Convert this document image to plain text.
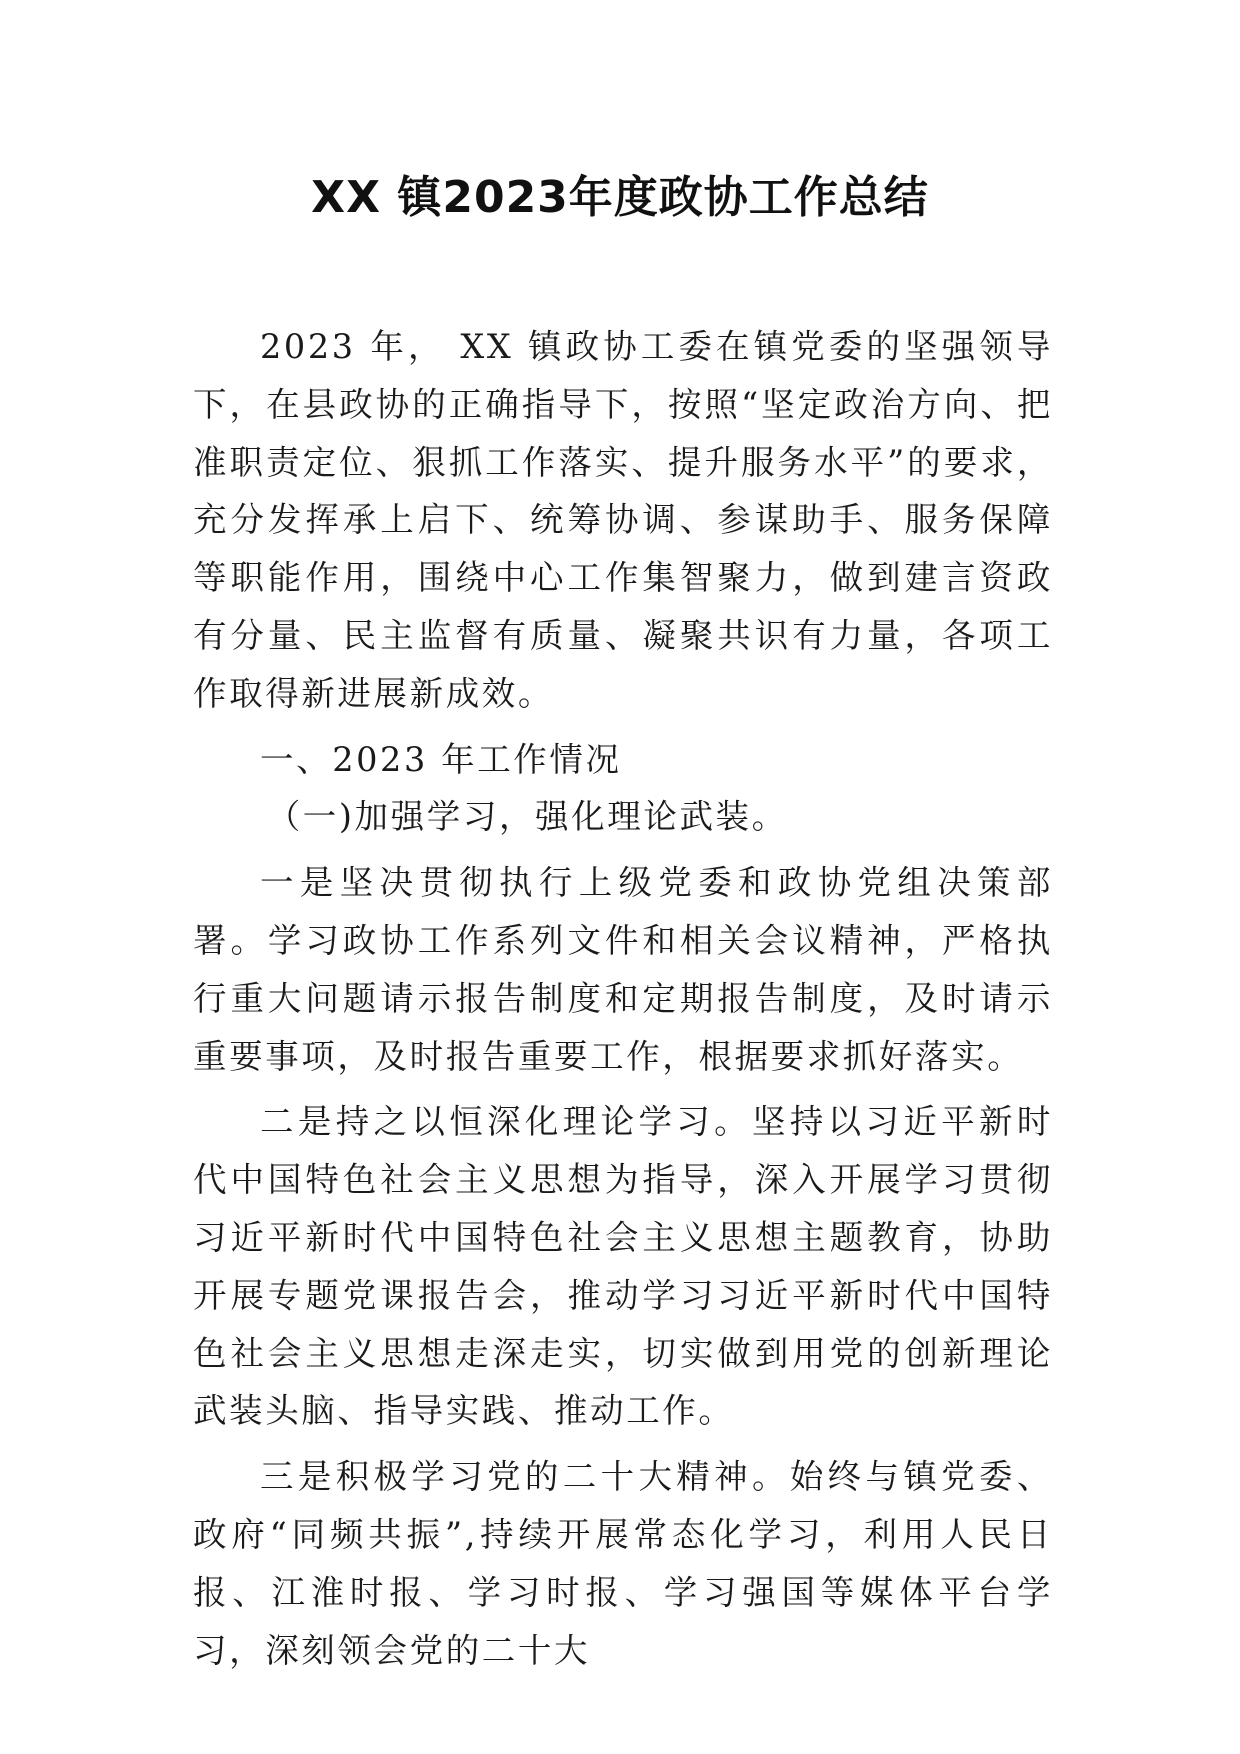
XX 镇2023年度政协工作总结

2023 年， XX 镇政协工委在镇党委的坚强领导下，在县政协的正确指导下，按照“坚定政治方向、把准职责定位、狠抓工作落实、提升服务水平”的要求，充分发挥承上启下、统筹协调、参谋助手、服务保障等职能作用，围绕中心工作集智聚力，做到建言资政有分量、民主监督有质量、凝聚共识有力量，各项工作取得新进展新成效。

一、2023 年工作情况

（一)加强学习，强化理论武装。

一是坚决贯彻执行上级党委和政协党组决策部署。学习政协工作系列文件和相关会议精神，严格执行重大问题请示报告制度和定期报告制度，及时请示重要事项，及时报告重要工作，根据要求抓好落实。

二是持之以恒深化理论学习。坚持以习近平新时代中国特色社会主义思想为指导，深入开展学习贯彻习近平新时代中国特色社会主义思想主题教育，协助开展专题党课报告会，推动学习习近平新时代中国特色社会主义思想走深走实，切实做到用党的创新理论武装头脑、指导实践、推动工作。

三是积极学习党的二十大精神。始终与镇党委、政府“同频共振”,持续开展常态化学习，利用人民日报、江淮时报、学习时报、学习强国等媒体平台学习，深刻领会党的二十大
